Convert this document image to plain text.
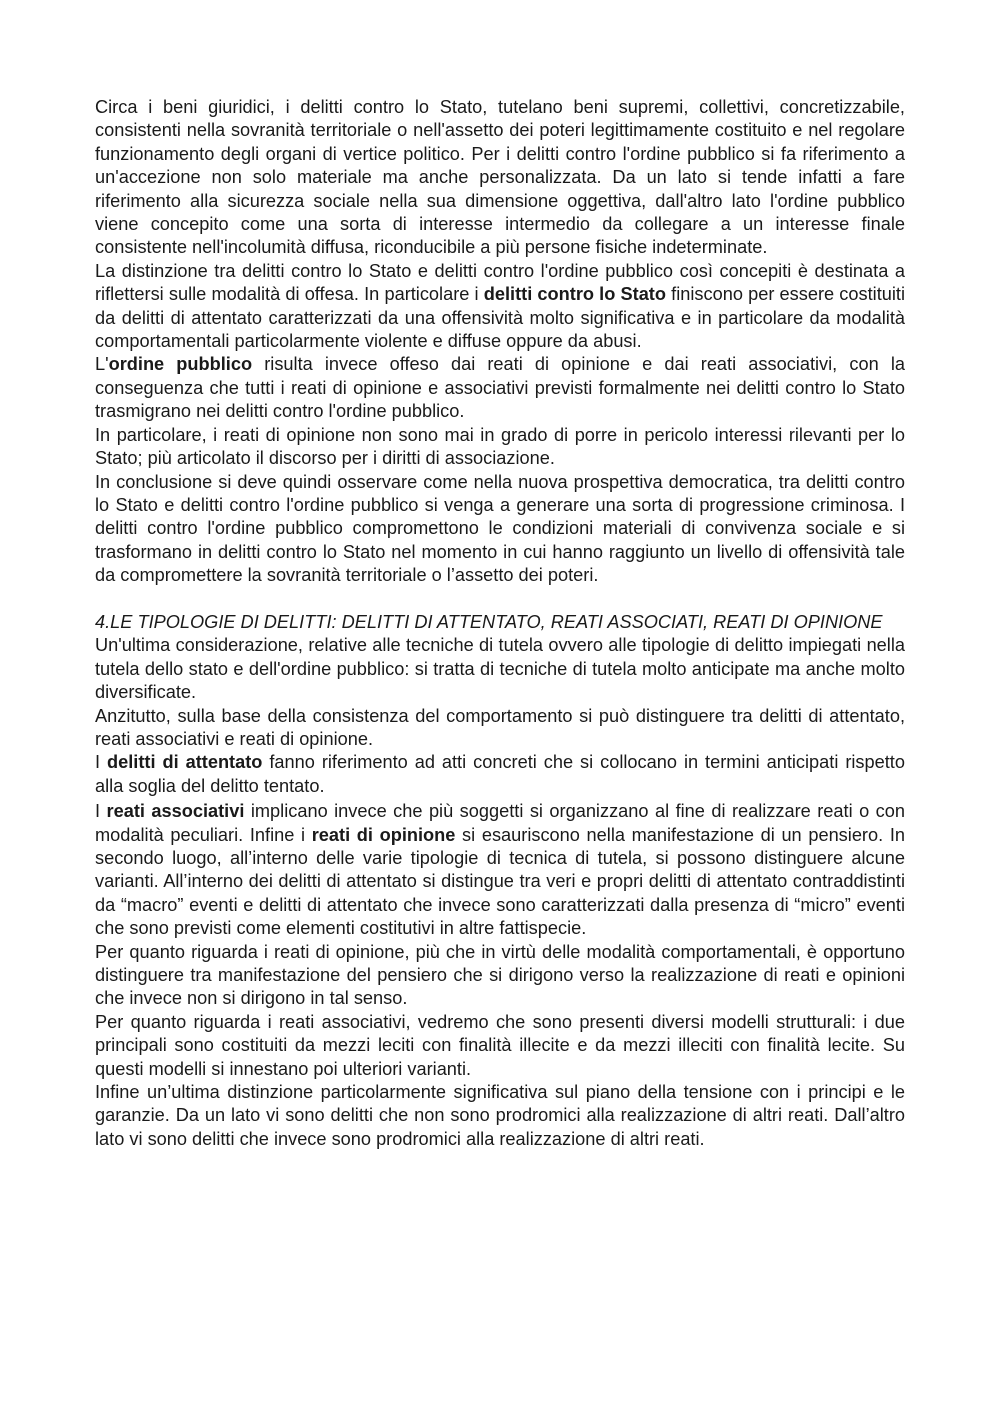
Circa i beni giuridici, i delitti contro lo Stato, tutelano beni supremi, collettivi, concretizzabile, consistenti nella sovranità territoriale o nell'assetto dei poteri legittimamente costituito e nel regolare funzionamento degli organi di vertice politico. Per i delitti contro l'ordine pubblico si fa riferimento a un'accezione non solo materiale ma anche personalizzata. Da un lato si tende infatti a fare riferimento alla sicurezza sociale nella sua dimensione oggettiva, dall'altro lato l'ordine pubblico viene concepito come una sorta di interesse intermedio da collegare a un interesse finale consistente nell'incolumità diffusa, riconducibile a più persone fisiche indeterminate.

La distinzione tra delitti contro lo Stato e delitti contro l'ordine pubblico così concepiti è destinata a riflettersi sulle modalità di offesa. In particolare i delitti contro lo Stato finiscono per essere costituiti da delitti di attentato caratterizzati da una offensività molto significativa e in particolare da modalità comportamentali particolarmente violente e diffuse oppure da abusi.

L'ordine pubblico risulta invece offeso dai reati di opinione e dai reati associativi, con la conseguenza che tutti i reati di opinione e associativi previsti formalmente nei delitti contro lo Stato trasmigrano nei delitti contro l'ordine pubblico.

In particolare, i reati di opinione non sono mai in grado di porre in pericolo interessi rilevanti per lo Stato; più articolato il discorso per i diritti di associazione.

In conclusione si deve quindi osservare come nella nuova prospettiva democratica, tra delitti contro lo Stato e delitti contro l'ordine pubblico si venga a generare una sorta di progressione criminosa. I delitti contro l'ordine pubblico compromettono le condizioni materiali di convivenza sociale e si trasformano in delitti contro lo Stato nel momento in cui hanno raggiunto un livello di offensività tale da compromettere la sovranità territoriale o l’assetto dei poteri.

4.LE TIPOLOGIE DI DELITTI: DELITTI DI ATTENTATO, REATI ASSOCIATI, REATI DI OPINIONE

Un'ultima considerazione, relative alle tecniche di tutela ovvero alle tipologie di delitto impiegati nella tutela dello stato e dell'ordine pubblico: si tratta di tecniche di tutela molto anticipate ma anche molto diversificate.

Anzitutto, sulla base della consistenza del comportamento si può distinguere tra delitti di attentato, reati associativi e reati di opinione.

I delitti di attentato fanno riferimento ad atti concreti che si collocano in termini anticipati rispetto alla soglia del delitto tentato.

I reati associativi implicano invece che più soggetti si organizzano al fine di realizzare reati o con modalità peculiari. Infine i reati di opinione si esauriscono nella manifestazione di un pensiero. In secondo luogo, all’interno delle varie tipologie di tecnica di tutela, si possono distinguere alcune varianti. All’interno dei delitti di attentato si distingue tra veri e propri delitti di attentato contraddistinti da “macro” eventi e delitti di attentato che invece sono caratterizzati dalla presenza di “micro” eventi che sono previsti come elementi costitutivi in altre fattispecie.

Per quanto riguarda i reati di opinione, più che in virtù delle modalità comportamentali, è opportuno distinguere tra manifestazione del pensiero che si dirigono verso la realizzazione di reati e opinioni che invece non si dirigono in tal senso.

Per quanto riguarda i reati associativi, vedremo che sono presenti diversi modelli strutturali: i due principali sono costituiti da mezzi leciti con finalità illecite e da mezzi illeciti con finalità lecite. Su questi modelli si innestano poi ulteriori varianti.

Infine un’ultima distinzione particolarmente significativa sul piano della tensione con i principi e le garanzie. Da un lato vi sono delitti che non sono prodromici alla realizzazione di altri reati. Dall’altro lato vi sono delitti che invece sono prodromici alla realizzazione di altri reati.
